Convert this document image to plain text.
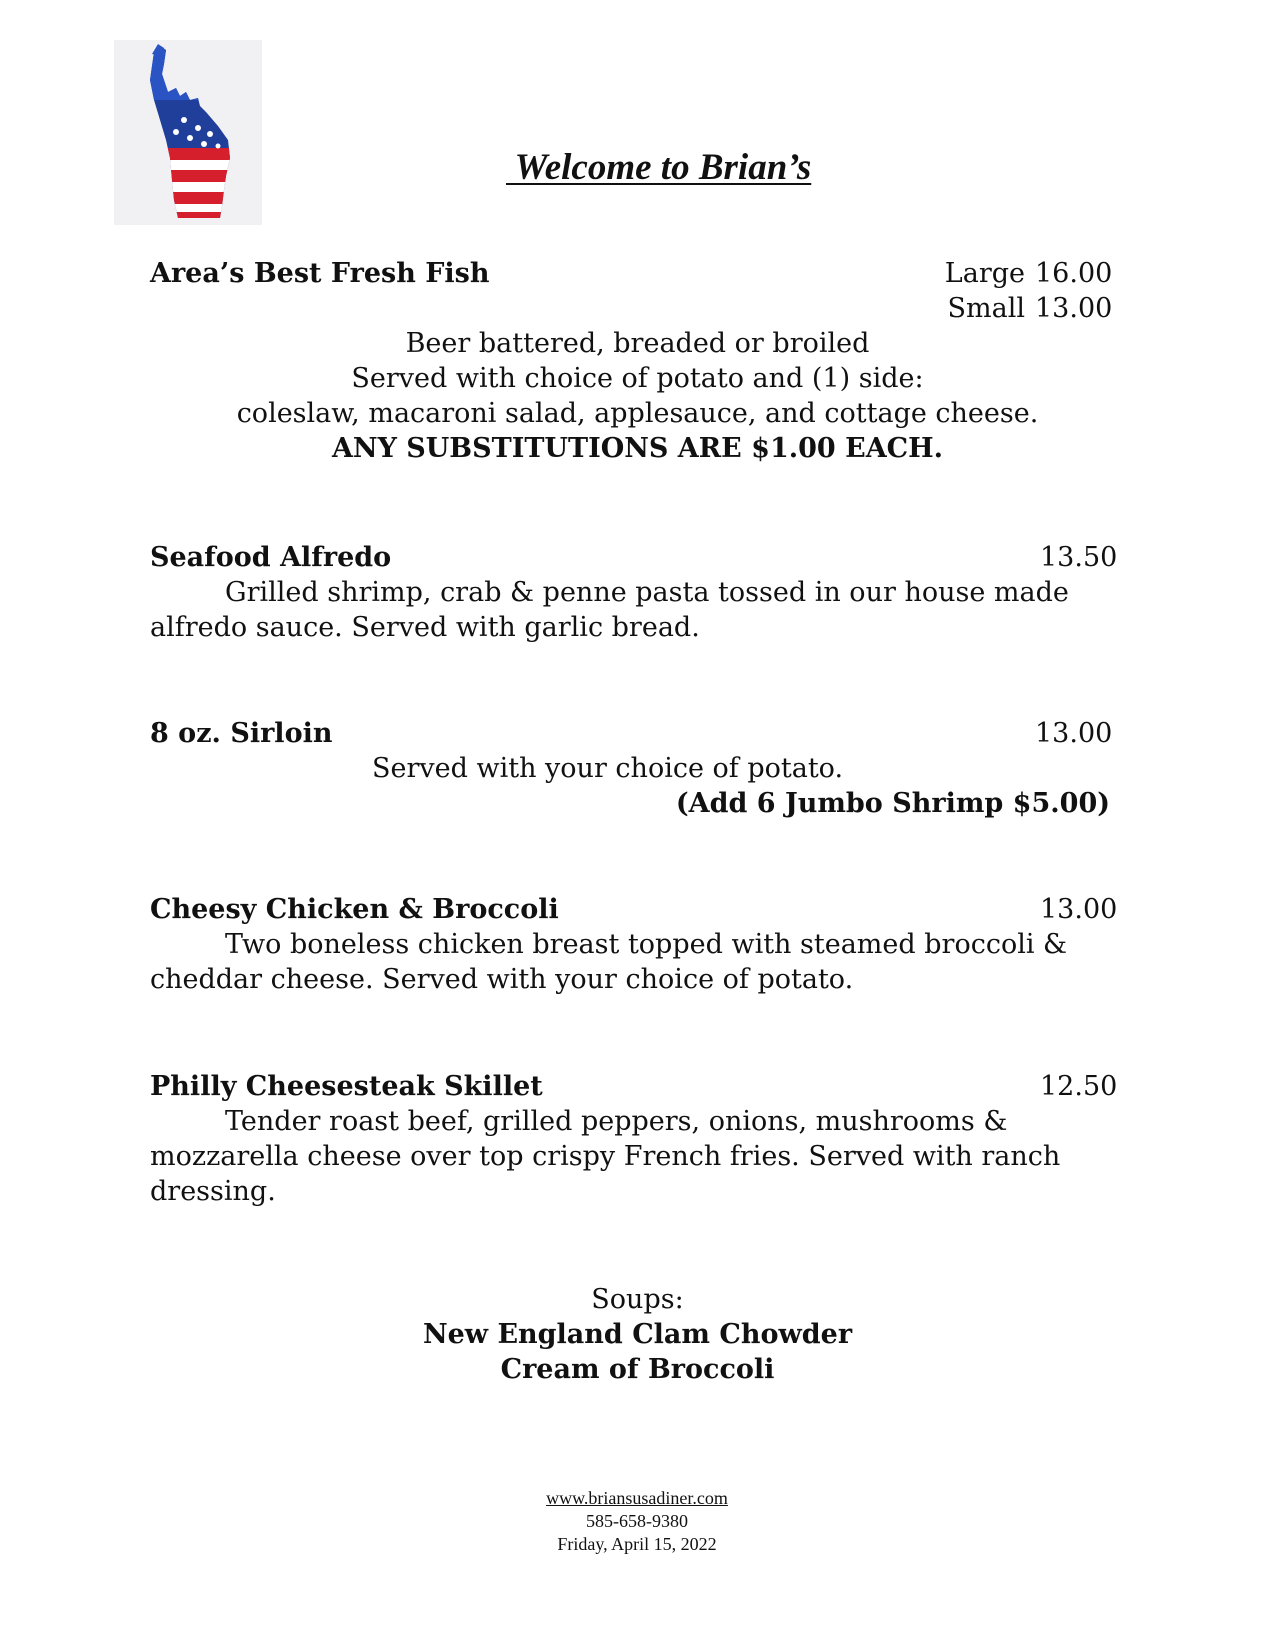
Welcome to Brian’s
Area’s Best Fresh Fish	Large 16.00
Small 13.00
Beer battered, breaded or broiled
Served with choice of potato and (1) side:
coleslaw, macaroni salad, applesauce, and cottage cheese.
ANY SUBSTITUTIONS ARE $1.00 EACH.
Seafood Alfredo	13.50

Grilled shrimp, crab & penne pasta tossed in our house made alfredo sauce. Served with garlic bread.

8 oz. Sirloin	13.00
Served with your choice of potato.
(Add 6 Jumbo Shrimp $5.00)
Cheesy Chicken & Broccoli	13.00

Two boneless chicken breast topped with steamed broccoli & cheddar cheese. Served with your choice of potato.

Philly Cheesesteak Skillet	12.50

Tender roast beef, grilled peppers, onions, mushrooms & mozzarella cheese over top crispy French fries. Served with ranch dressing.

Soups:
New England Clam Chowder
Cream of Broccoli
www.briansusadiner.com
585-658-9380
Friday, April 15, 2022
